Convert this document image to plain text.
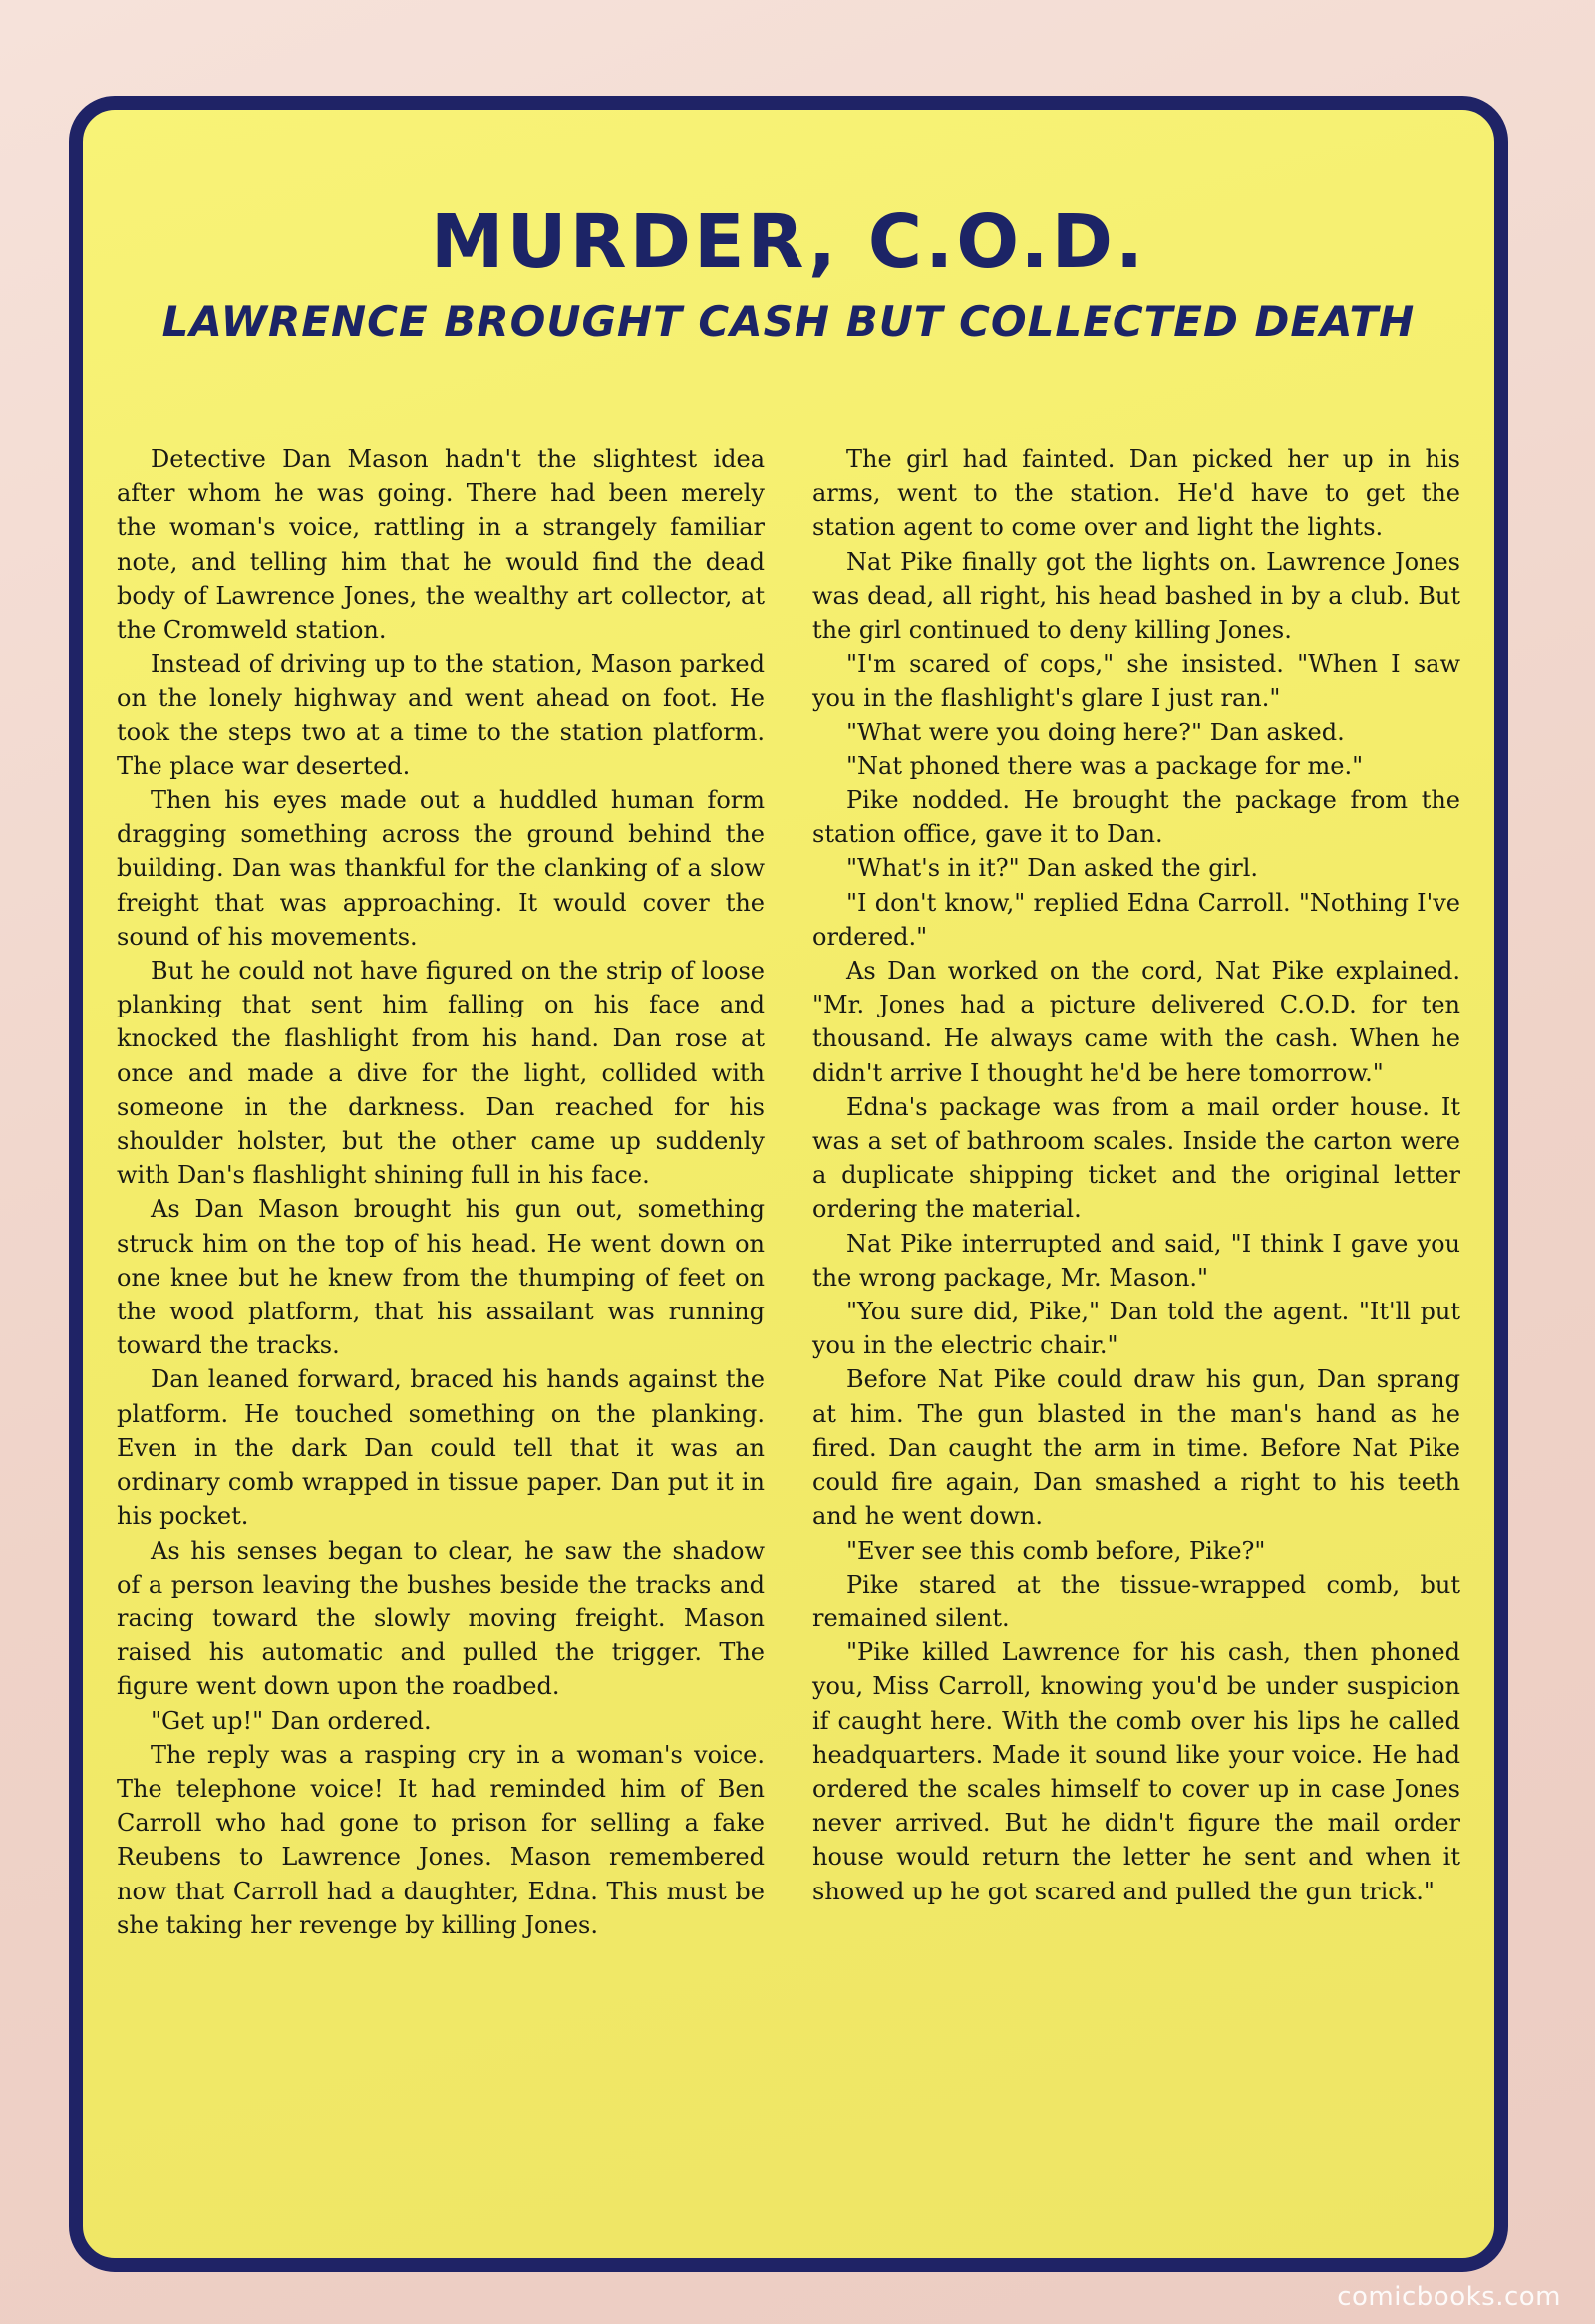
MURDER, C.O.D.
LAWRENCE BROUGHT CASH BUT COLLECTED DEATH

Detective Dan Mason hadn't the slightest idea after whom he was going. There had been merely the woman's voice, rattling in a strangely familiar note, and telling him that he would find the dead body of Lawrence Jones, the wealthy art collector, at the Cromweld station.

Instead of driving up to the station, Mason parked on the lonely highway and went ahead on foot. He took the steps two at a time to the station platform. The place war deserted.

Then his eyes made out a huddled human form dragging something across the ground behind the building. Dan was thankful for the clanking of a slow freight that was approaching. It would cover the sound of his movements.

But he could not have figured on the strip of loose planking that sent him falling on his face and knocked the flashlight from his hand. Dan rose at once and made a dive for the light, collided with someone in the darkness. Dan reached for his shoulder holster, but the other came up suddenly with Dan's flashlight shining full in his face.

As Dan Mason brought his gun out, something struck him on the top of his head. He went down on one knee but he knew from the thumping of feet on the wood platform, that his assailant was running toward the tracks.

Dan leaned forward, braced his hands against the platform. He touched something on the planking. Even in the dark Dan could tell that it was an ordinary comb wrapped in tissue paper. Dan put it in his pocket.

As his senses began to clear, he saw the shadow of a person leaving the bushes beside the tracks and racing toward the slowly moving freight. Mason raised his automatic and pulled the trigger. The figure went down upon the roadbed.

"Get up!" Dan ordered.

The reply was a rasping cry in a woman's voice. The telephone voice! It had reminded him of Ben Carroll who had gone to prison for selling a fake Reubens to Lawrence Jones. Mason remembered now that Carroll had a daughter, Edna. This must be she taking her revenge by killing Jones.

The girl had fainted. Dan picked her up in his arms, went to the station. He'd have to get the station agent to come over and light the lights.

Nat Pike finally got the lights on. Lawrence Jones was dead, all right, his head bashed in by a club. But the girl continued to deny killing Jones.

"I'm scared of cops," she insisted. "When I saw you in the flashlight's glare I just ran."

"What were you doing here?" Dan asked.

"Nat phoned there was a package for me."

Pike nodded. He brought the package from the station office, gave it to Dan.

"What's in it?" Dan asked the girl.

"I don't know," replied Edna Carroll. "Nothing I've ordered."

As Dan worked on the cord, Nat Pike explained. "Mr. Jones had a picture delivered C.O.D. for ten thousand. He always came with the cash. When he didn't arrive I thought he'd be here tomorrow."

Edna's package was from a mail order house. It was a set of bathroom scales. Inside the carton were a duplicate shipping ticket and the original letter ordering the material.

Nat Pike interrupted and said, "I think I gave you the wrong package, Mr. Mason."

"You sure did, Pike," Dan told the agent. "It'll put you in the electric chair."

Before Nat Pike could draw his gun, Dan sprang at him. The gun blasted in the man's hand as he fired. Dan caught the arm in time. Before Nat Pike could fire again, Dan smashed a right to his teeth and he went down.

"Ever see this comb before, Pike?"

Pike stared at the tissue-wrapped comb, but remained silent.

"Pike killed Lawrence for his cash, then phoned you, Miss Carroll, knowing you'd be under suspicion if caught here. With the comb over his lips he called headquarters. Made it sound like your voice. He had ordered the scales himself to cover up in case Jones never arrived. But he didn't figure the mail order house would return the letter he sent and when it showed up he got scared and pulled the gun trick."

comicbooks.com
